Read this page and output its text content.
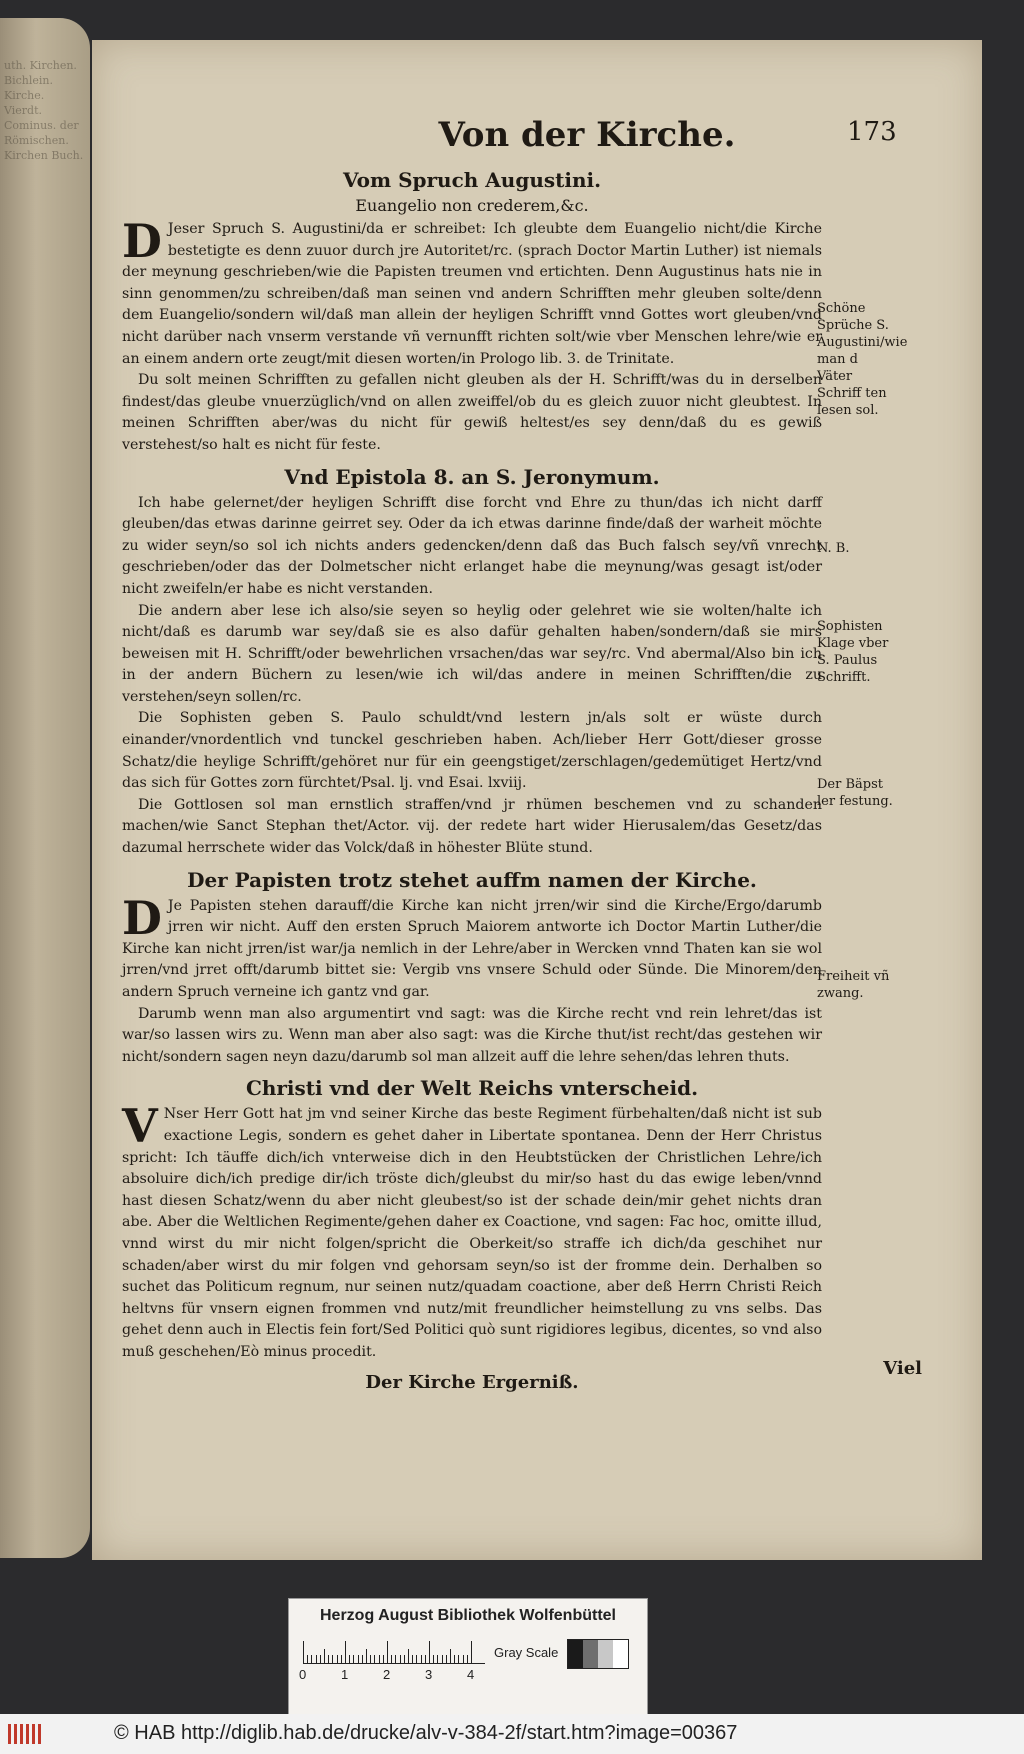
uth. Kirchen. Bichlein. Kirche. Vierdt. Cominus. der Römischen. Kirchen Buch.
Von der Kirche.	173
Vom Spruch Augustini.
Euangelio non crederem,&c.

D Jeser Spruch S. Augustini/da er schreibet: Ich gleubte dem Euangelio nicht/die Kirche bestetigte es denn zuuor durch jre Autoritet/rc. (sprach Doctor Martin Luther) ist niemals der meynung geschrieben/wie die Papisten treumen vnd ertichten. Denn Augustinus hats nie in sinn genommen/zu schreiben/daß man seinen vnd andern Schrifften mehr gleuben solte/denn dem Euangelio/sondern wil/daß man allein der heyligen Schrifft vnnd Gottes wort gleuben/vnd nicht darüber nach vnserm verstande vñ vernunfft richten solt/wie vber Menschen lehre/wie er an einem andern orte zeugt/mit diesen worten/in Prologo lib. 3. de Trinitate.

Du solt meinen Schrifften zu gefallen nicht gleuben als der H. Schrifft/was du in derselben findest/das gleube vnuerzüglich/vnd on allen zweiffel/ob du es gleich zuuor nicht gleubtest. In meinen Schrifften aber/was du nicht für gewiß heltest/es sey denn/daß du es gewiß verstehest/so halt es nicht für feste.

Vnd Epistola 8. an S. Jeronymum.

Ich habe gelernet/der heyligen Schrifft dise forcht vnd Ehre zu thun/das ich nicht darff gleuben/das etwas darinne geirret sey. Oder da ich etwas darinne finde/daß der warheit möchte zu wider seyn/so sol ich nichts anders gedencken/denn daß das Buch falsch sey/vñ vnrecht geschrieben/oder das der Dolmetscher nicht erlanget habe die meynung/was gesagt ist/oder nicht zweifeln/er habe es nicht verstanden.

Die andern aber lese ich also/sie seyen so heylig oder gelehret wie sie wolten/halte ich nicht/daß es darumb war sey/daß sie es also dafür gehalten haben/sondern/daß sie mirs beweisen mit H. Schrifft/oder bewehrlichen vrsachen/das war sey/rc. Vnd abermal/Also bin ich in der andern Büchern zu lesen/wie ich wil/das andere in meinen Schrifften/die zu verstehen/seyn sollen/rc.

Die Sophisten geben S. Paulo schuldt/vnd lestern jn/als solt er wüste durch einander/vnordentlich vnd tunckel geschrieben haben. Ach/lieber Herr Gott/dieser grosse Schatz/die heylige Schrifft/gehöret nur für ein geengstiget/zerschlagen/gedemütiget Hertz/vnd das sich für Gottes zorn fürchtet/Psal. lj. vnd Esai. lxviij.

Die Gottlosen sol man ernstlich straffen/vnd jr rhümen beschemen vnd zu schanden machen/wie Sanct Stephan thet/Actor. vij. der redete hart wider Hierusalem/das Gesetz/das dazumal herrschete wider das Volck/daß in höhester Blüte stund.

Der Papisten trotz stehet auffm namen der Kirche.

D Je Papisten stehen darauff/die Kirche kan nicht jrren/wir sind die Kirche/Ergo/darumb jrren wir nicht. Auff den ersten Spruch Maiorem antworte ich Doctor Martin Luther/die Kirche kan nicht jrren/ist war/ja nemlich in der Lehre/aber in Wercken vnnd Thaten kan sie wol jrren/vnd jrret offt/darumb bittet sie: Vergib vns vnsere Schuld oder Sünde. Die Minorem/den andern Spruch verneine ich gantz vnd gar.

Darumb wenn man also argumentirt vnd sagt: was die Kirche recht vnd rein lehret/das ist war/so lassen wirs zu. Wenn man aber also sagt: was die Kirche thut/ist recht/das gestehen wir nicht/sondern sagen neyn dazu/darumb sol man allzeit auff die lehre sehen/das lehren thuts.

Christi vnd der Welt Reichs vnterscheid.

V Nser Herr Gott hat jm vnd seiner Kirche das beste Regiment fürbehalten/daß nicht ist sub exactione Legis, sondern es gehet daher in Libertate spontanea. Denn der Herr Christus spricht: Ich täuffe dich/ich vnterweise dich in den Heubtstücken der Christlichen Lehre/ich absoluire dich/ich predige dir/ich tröste dich/gleubst du mir/so hast du das ewige leben/vnnd hast diesen Schatz/wenn du aber nicht gleubest/so ist der schade dein/mir gehet nichts dran abe. Aber die Weltlichen Regimente/gehen daher ex Coactione, vnd sagen: Fac hoc, omitte illud, vnnd wirst du mir nicht folgen/spricht die Oberkeit/so straffe ich dich/da geschihet nur schaden/aber wirst du mir folgen vnd gehorsam seyn/so ist der fromme dein. Derhalben so suchet das Politicum regnum, nur seinen nutz/quadam coactione, aber deß Herrn Christi Reich heltvns für vnsern eignen frommen vnd nutz/mit freundlicher heimstellung zu vns selbs. Das gehet denn auch in Electis fein fort/Sed Politici quò sunt rigidiores legibus, dicentes, so vnd also muß geschehen/Eò minus procedit.

Der Kirche Ergerniß.
Schöne Sprüche S. Augustini/wie man d Väter Schriff ten lesen sol.
N. B.
Sophisten Klage vber S. Paulus Schrifft.
Der Bäpst ler festung.
Freiheit vñ zwang.
Viel
Herzog August Bibliothek Wolfenbüttel
0	1	2	3	4
Gray Scale
© HAB http://diglib.hab.de/drucke/alv-v-384-2f/start.htm?image=00367
